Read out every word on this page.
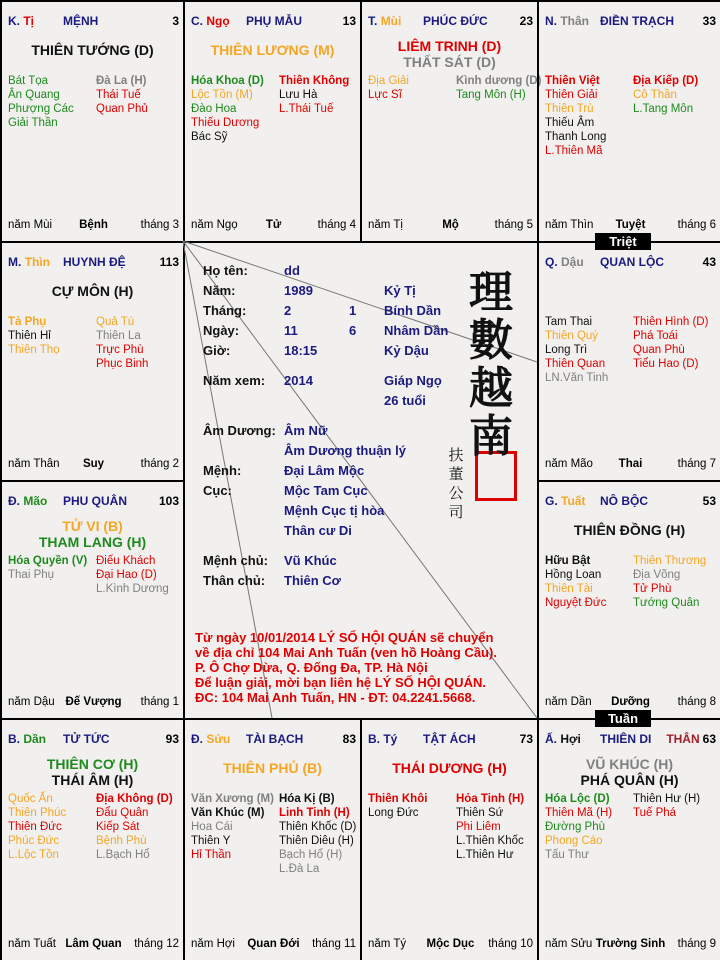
K. Tị MỆNH	3
THIÊN TƯỚNG (D)
Bát Tọa
Ân Quang
Phượng Các
Giải Thần
Đà La (H)
Thái Tuế
Quan Phủ
năm Mùi	Bệnh	tháng 3
C. Ngọ PHỤ MẪU	13
THIÊN LƯƠNG (M)
Hóa Khoa (D)
Lộc Tồn (M)
Đào Hoa
Thiếu Dương
Bác Sỹ
Thiên Không
Lưu Hà
L.Thái Tuế
năm Ngọ	Tử	tháng 4
T. Mùi PHÚC ĐỨC	23
LIÊM TRINH (D)
THẤT SÁT (D)
Địa Giải
Lực Sĩ
Kình dương (D)
Tang Môn (H)
năm Tị	Mộ	tháng 5
N. Thân ĐIỀN TRẠCH 33
Thiên Việt
Thiên Giải
Thiên Trù
Thiếu Âm
Thanh Long
L.Thiên Mã
Địa Kiếp (D)
Cô Thần
L.Tang Môn
năm Thìn	Tuyệt	tháng 6
M. Thìn HUYNH ĐỆ	113
CỰ MÔN (H)
Tả Phụ
Thiên Hỉ
Thiên Thọ
Quả Tú
Thiên La
Trực Phù
Phục Binh
năm Thân	Suy	tháng 2
Q. Dậu QUAN LỘC	43
Tam Thai
Thiên Quý
Long Trì
Thiên Quan
LN.Văn Tinh
Thiên Hình (D)
Phá Toái
Quan Phù
Tiểu Hao (D)
năm Mão	Thai	tháng 7
Đ. Mão PHU QUÂN	103
TỬ VI (B)
THAM LANG (H)
Hóa Quyền (V)
Thai Phụ
Điếu Khách
Đại Hao (D)
L.Kình Dương
năm Dậu Đế Vượng	tháng 1
G. Tuất NÔ BỘC	53
THIÊN ĐỒNG (H)
Hữu Bật
Hồng Loan
Thiên Tài
Nguyệt Đức
Thiên Thương
Địa Võng
Tử Phù
Tướng Quân
năm Dần	Dưỡng	tháng 8
B. Dần TỬ TỨC	93
THIÊN CƠ (H)
THÁI ÂM (H)
Quốc Ấn
Thiên Phúc
Thiên Đức
Phúc Đức
L.Lộc Tồn
Địa Không (D)
Đẩu Quân
Kiếp Sát
Bệnh Phù
L.Bạch Hổ
năm Tuất Lâm Quan	tháng 12
Đ. Sửu TÀI BẠCH	83
THIÊN PHỦ (B)
Văn Xương (M)
Văn Khúc (M)
Hoa Cái
Thiên Y
Hỉ Thần
Hóa Kị (B)
Linh Tinh (H)
Thiên Khốc (D)
Thiên Diêu (H)
Bạch Hổ (H)
L.Đà La
năm Hợi	Quan Đới	tháng 11
B. Tý TẬT ÁCH	73
THÁI DƯƠNG (H)
Thiên Khôi
Long Đức
Hỏa Tinh (H)
Thiên Sứ
Phi Liêm
L.Thiên Khốc
L.Thiên Hư
năm Tý	Mộc Dục	tháng 10
Ấ. Hợi THIÊN DI THÂN 63
VŨ KHÚC (H)
PHÁ QUÂN (H)
Hóa Lộc (D)
Thiên Mã (H)
Đường Phù
Phong Cáo
Tấu Thư
Thiên Hư (H)
Tuế Phá
năm Sửu Trường Sinh	tháng 9
理數越南
扶董公司
Từ ngày 10/01/2014 LÝ SỐ HỘI QUÁN sẽ chuyển
về địa chỉ 104 Mai Anh Tuấn (ven hồ Hoàng Cầu).
P. Ô Chợ Dừa, Q. Đống Đa, TP. Hà Nội
Để luận giải, mời bạn liên hệ LÝ SỐ HỘI QUÁN.
ĐC: 104 Mai Anh Tuấn, HN - ĐT: 04.2241.5668.
Họ tên:	dd
Năm:	1989	Kỷ Tị
Tháng:	2	1 Bính Dần
Ngày:	11	6 Nhâm Dần
Giờ:	18:15	Kỷ Dậu
Năm xem: 2014	Giáp Ngọ
26 tuổi
Âm Dương: Âm Nữ
Âm Dương thuận lý
Mệnh:	Đại Lâm Mộc
Cục:	Mộc Tam Cục
Mệnh Cục tị hòa
Thân cư Di
Mệnh chủ: Vũ Khúc
Thân chủ: Thiên Cơ
Triệt
Tuần
